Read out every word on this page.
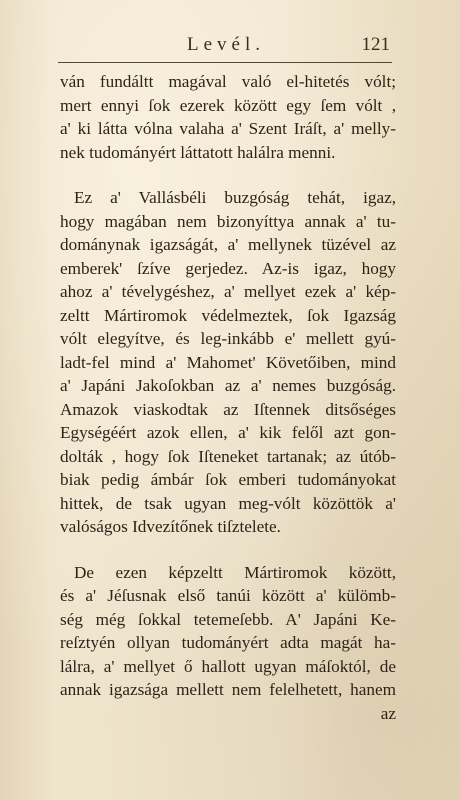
Levél.	121
ván fundáltt magával való el-hitetés vólt;
mert ennyi ſok ezerek között egy ſem vólt ,
a' ki látta vólna valaha a' Szent Iráſt, a' melly-
nek tudományért láttatott halálra menni.
Ez a' Vallásbéli buzgóság tehát, igaz,
hogy magában nem bizonyíttya annak a' tu-
dománynak igazságát, a' mellynek tüzével az
emberek' ſzíve gerjedez. Az-is igaz, hogy
ahoz a' tévelygéshez, a' mellyet ezek a' kép-
zeltt Mártiromok védelmeztek, ſok Igazság
vólt elegyítve, és leg-inkább e' mellett gyú-
ladt-fel mind a' Mahomet' Követőiben, mind
a' Japáni Jakoſokban az a' nemes buzgóság.
Amazok viaskodtak az Iſtennek ditsőséges
Egységéért azok ellen, a' kik felől azt gon-
dolták , hogy ſok Iſteneket tartanak; az útób-
biak pedig ámbár ſok emberi tudományokat
hittek, de tsak ugyan meg-vólt közöttök a'
valóságos Idvezítőnek tiſztelete.
De ezen képzeltt Mártiromok között,
és a' Jéſusnak első tanúi között a' külömb-
ség még ſokkal tetemeſebb. A' Japáni Ke-
reſztyén ollyan tudományért adta magát ha-
lálra, a' mellyet ő hallott ugyan máſoktól, de
annak igazsága mellett nem felelhetett, hanem
az
